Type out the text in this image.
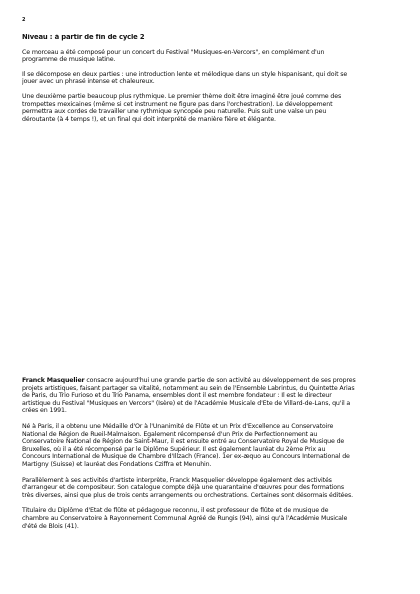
2
Niveau : à partir de fin de cycle 2
Ce morceau a été composé pour un concert du Festival "Musiques-en-Vercors", en complément d'un
programme de musique latine.
Il se décompose en deux parties : une introduction lente et mélodique dans un style hispanisant, qui doit se
jouer avec un phrasé intense et chaleureux.
Une deuxième partie beaucoup plus rythmique. Le premier thème doit être imaginé être joué comme des
trompettes mexicaines (même si cet instrument ne figure pas dans l'orchestration). Le développement
permettra aux cordes de travailler une rythmique syncopée peu naturelle. Puis suit une valse un peu
déroutante (à 4 temps !), et un final qui doit interprété de manière fière et élégante.
Franck Masquelier consacre aujourd'hui une grande partie de son activité au développement de ses propres
projets artistiques, faisant partager sa vitalité, notamment au sein de l'Ensemble Labrintus, du Quintette Arias
de Paris, du Trio Furioso et du Trio Panama, ensembles dont il est membre fondateur : Il est le directeur
artistique du Festival "Musiques en Vercors" (Isère) et de l'Académie Musicale d'Ete de Villard-de-Lans, qu'il a
crées en 1991.
Né à Paris, il a obtenu une Médaille d'Or à l'Unanimité de Flûte et un Prix d'Excellence au Conservatoire
National de Région de Rueil-Malmaison. Egalement récompensé d'un Prix de Perfectionnement au
Conservatoire National de Région de Saint-Maur, il est ensuite entré au Conservatoire Royal de Musique de
Bruxelles, où il a été récompensé par le Diplôme Supérieur. Il est également lauréat du 2ème Prix au
Concours International de Musique de Chambre d'Illzach (France). 1er ex-æquo au Concours International de
Martigny (Suisse) et lauréat des Fondations Cziffra et Menuhin.
Parallèlement à ses activités d'artiste interprète, Franck Masquelier développe également des activités
d'arrangeur et de compositeur. Son catalogue compte déjà une quarantaine d'œuvres pour des formations
très diverses, ainsi que plus de trois cents arrangements ou orchestrations. Certaines sont désormais éditées.
Titulaire du Diplôme d'Etat de flûte et pédagogue reconnu, il est professeur de flûte et de musique de
chambre au Conservatoire à Rayonnement Communal Agréé de Rungis (94), ainsi qu'à l'Académie Musicale
d'été de Blois (41).
